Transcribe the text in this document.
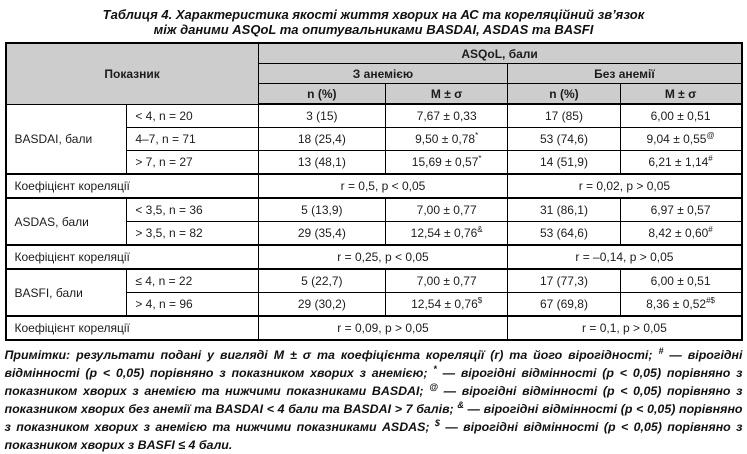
Таблиця 4. Характеристика якості життя хворих на АС та кореляційний зв’язок
між даними ASQoL та опитувальниками BASDAI, ASDAS та BASFI
Показник		ASQoL, бали			
		З анемією		Без анемії	
		n (%)	M ± σ	n (%)	M ± σ
BASDAI, бали	< 4, n = 20	3 (15)	7,67 ± 0,33	17 (85)	6,00 ± 0,51
	4–7, n = 71	18 (25,4)	9,50 ± 0,78*	53 (74,6)	9,04 ± 0,55@
	> 7, n = 27	13 (48,1)	15,69 ± 0,57*	14 (51,9)	6,21 ± 1,14#
Коефіцієнт кореляції		r = 0,5, p < 0,05		r = 0,02, p > 0,05	
ASDAS, бали	< 3,5, n = 36	5 (13,9)	7,00 ± 0,77	31 (86,1)	6,97 ± 0,57
	> 3,5, n = 82	29 (35,4)	12,54 ± 0,76&	53 (64,6)	8,42 ± 0,60#
Коефіцієнт кореляції		r = 0,25, p < 0,05		r = –0,14, p > 0,05	
BASFI, бали	≤ 4, n = 22	5 (22,7)	7,00 ± 0,77	17 (77,3)	6,00 ± 0,51
	> 4, n = 96	29 (30,2)	12,54 ± 0,76$	67 (69,8)	8,36 ± 0,52#$
Коефіцієнт кореляції		r = 0,09, p > 0,05		r = 0,1, p > 0,05	
Примітки: результати подані у вигляді М ± σ та коефіцієнта кореляції (r) та його вірогідності; # — вірогідні відмінності (p < 0,05) порівняно з показником хворих з анемією; * — вірогідні відмінності (p < 0,05) порівняно з показником хворих з анемією та нижчими показниками BASDAI; @ — вірогідні відмінності (p < 0,05) порівняно з показником хворих без анемії та BASDAI < 4 бали та BASDAI > 7 балів; & — вірогідні відмінності (p < 0,05) порівняно з показником хворих з анемією та нижчими показниками ASDAS; $ — вірогідні відмінності (p < 0,05) порівняно з показником хворих з BASFI ≤ 4 бали.
